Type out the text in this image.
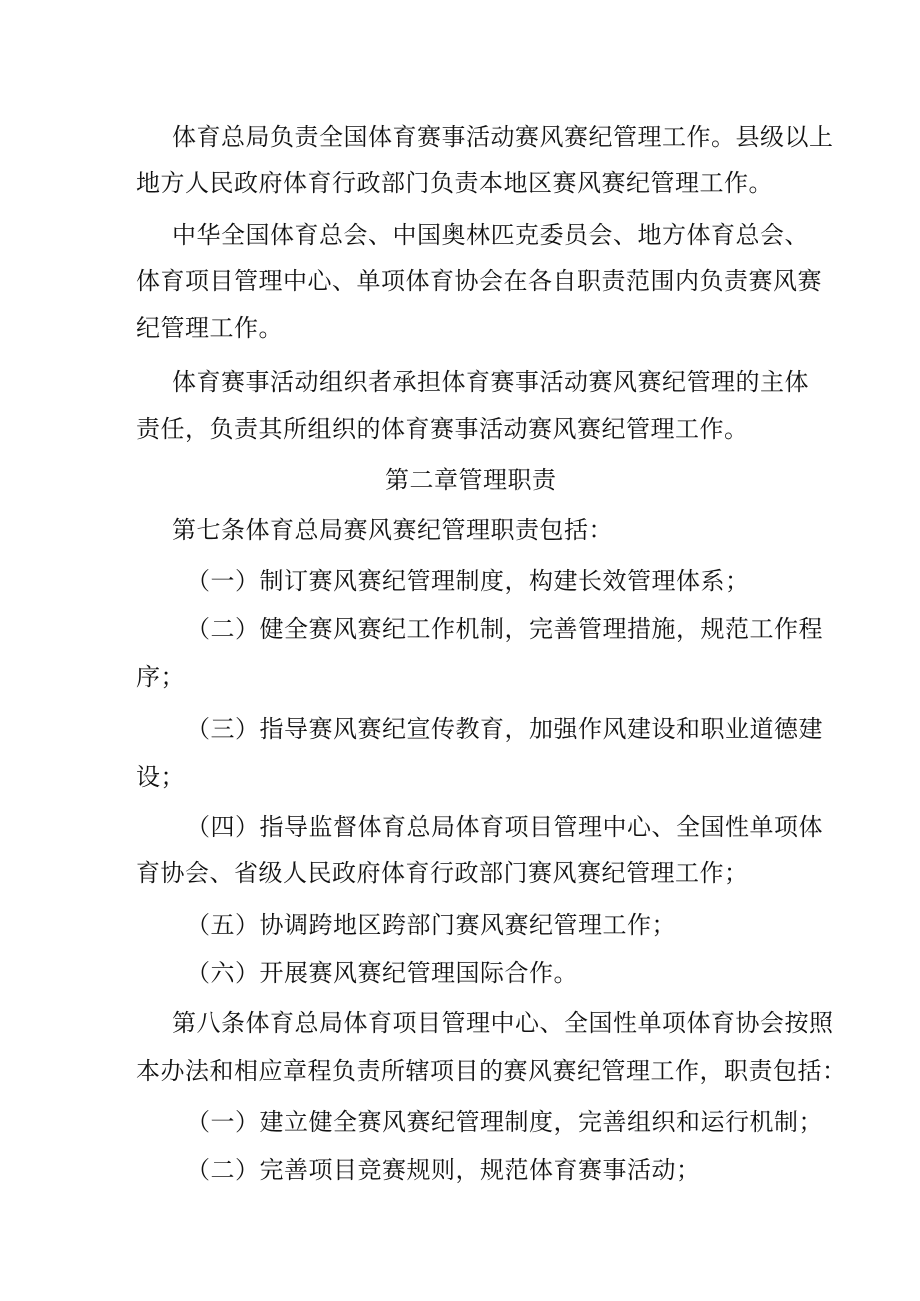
体育总局负责全国体育赛事活动赛风赛纪管理工作。县级以上
地方人民政府体育行政部门负责本地区赛风赛纪管理工作。
中华全国体育总会、中国奥林匹克委员会、地方体育总会、
体育项目管理中心、单项体育协会在各自职责范围内负责赛风赛
纪管理工作。
体育赛事活动组织者承担体育赛事活动赛风赛纪管理的主体
责任，负责其所组织的体育赛事活动赛风赛纪管理工作。
第二章管理职责
第七条体育总局赛风赛纪管理职责包括：
（一）制订赛风赛纪管理制度，构建长效管理体系；
（二）健全赛风赛纪工作机制，完善管理措施，规范工作程
序；
（三）指导赛风赛纪宣传教育，加强作风建设和职业道德建
设；
（四）指导监督体育总局体育项目管理中心、全国性单项体
育协会、省级人民政府体育行政部门赛风赛纪管理工作；
（五）协调跨地区跨部门赛风赛纪管理工作；
（六）开展赛风赛纪管理国际合作。
第八条体育总局体育项目管理中心、全国性单项体育协会按照
本办法和相应章程负责所辖项目的赛风赛纪管理工作，职责包括：
（一）建立健全赛风赛纪管理制度，完善组织和运行机制；
（二）完善项目竞赛规则，规范体育赛事活动；
